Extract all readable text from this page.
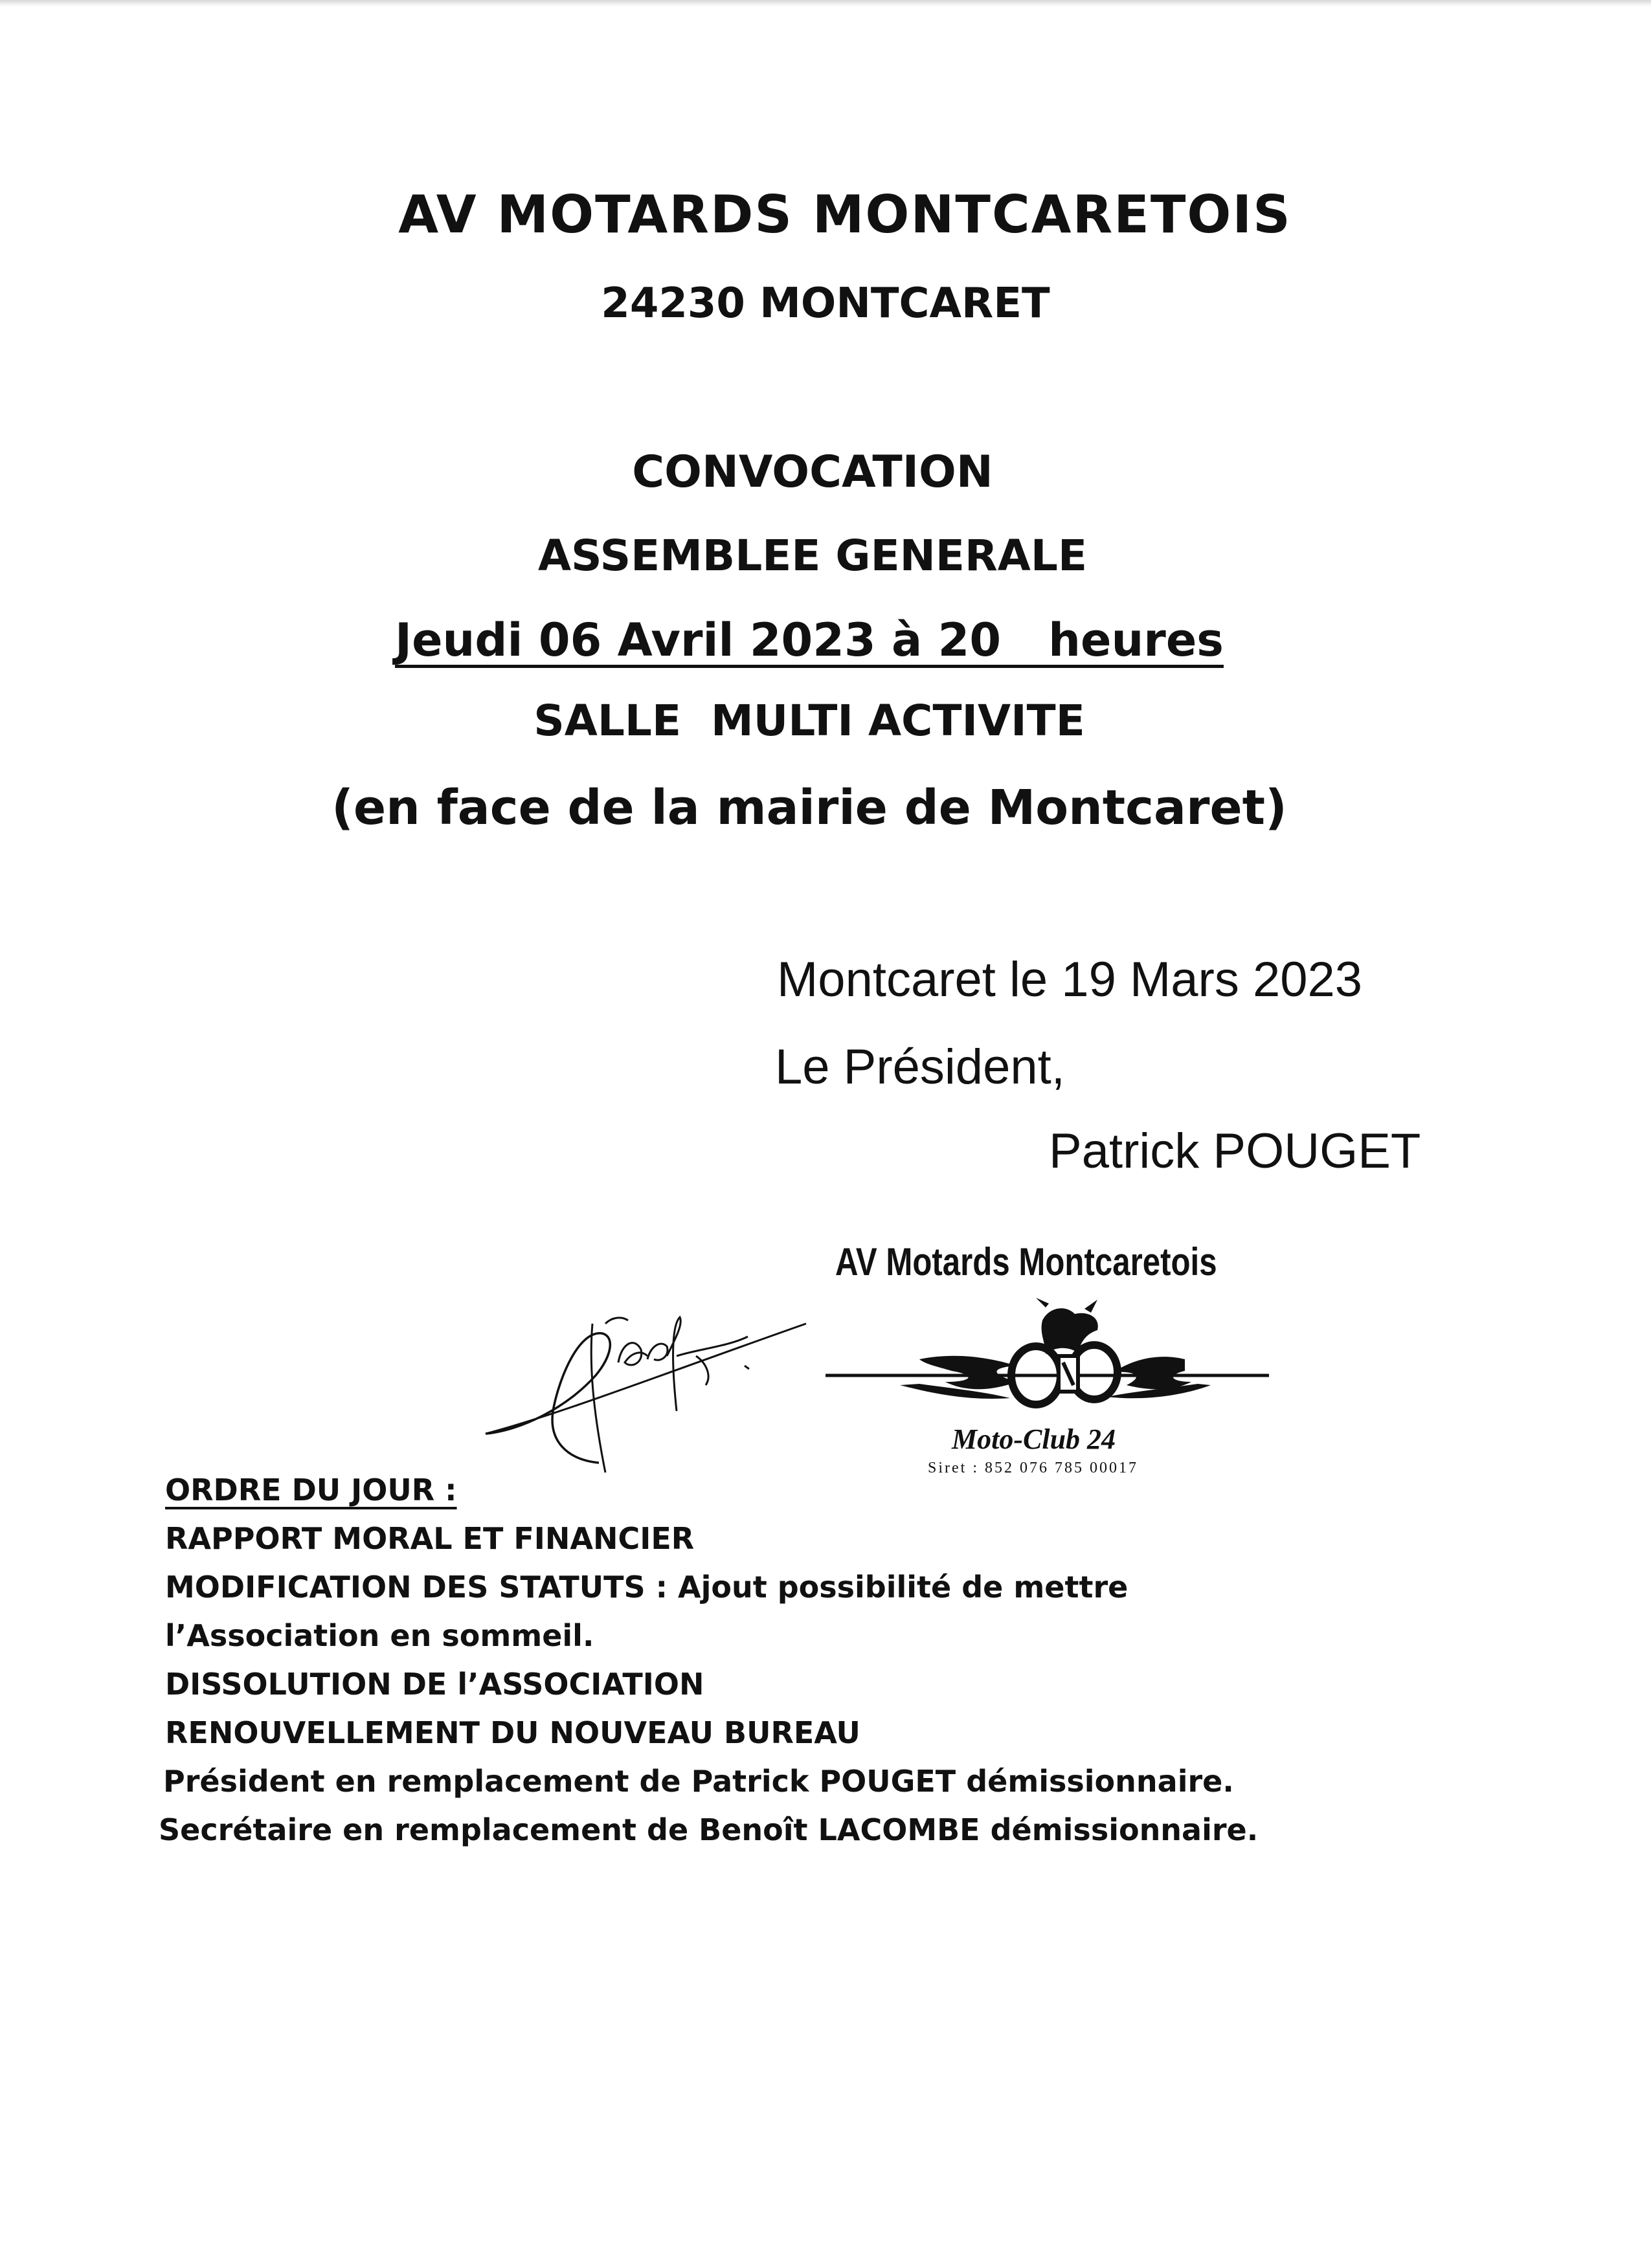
AV MOTARDS MONTCARETOIS
24230 MONTCARET
CONVOCATION
ASSEMBLEE GENERALE
Jeudi 06 Avril 2023 à 20   heures
SALLE  MULTI ACTIVITE
(en face de la mairie de Montcaret)
Montcaret le 19 Mars 2023
Le Président,
Patrick POUGET
AV Motards Montcaretois
Moto-Club 24
Siret : 852 076 785 00017
ORDRE DU JOUR :
RAPPORT MORAL ET FINANCIER
MODIFICATION DES STATUTS : Ajout possibilité de mettre l’Association en sommeil.
DISSOLUTION DE l’ASSOCIATION
RENOUVELLEMENT DU NOUVEAU BUREAU
Président en remplacement de Patrick POUGET démissionnaire.
Secrétaire en remplacement de Benoît LACOMBE démissionnaire.
